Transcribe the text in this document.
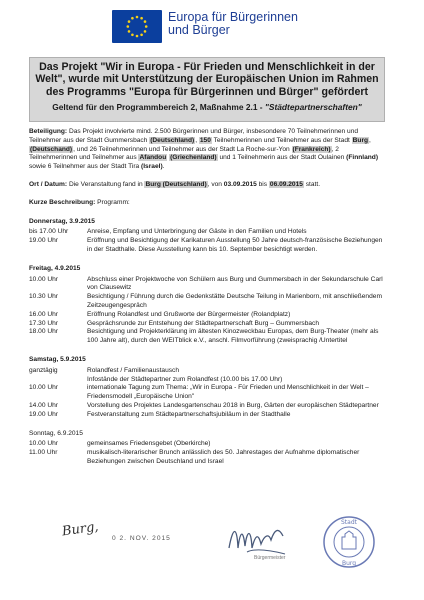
Europa für Bürgerinnen
und Bürger
Das Projekt "Wir in Europa - Für Frieden und Menschlichkeit in der
Welt", wurde mit Unterstützung der Europäischen Union im Rahmen
des Programms "Europa für Bürgerinnen und Bürger" gefördert
Geltend für den Programmbereich 2, Maßnahme 2.1 - "Städtepartnerschaften"

Beteiligung: Das Projekt involvierte mind. 2.500 Bürgerinnen und Bürger, insbesondere 70 Teilnehmerinnen und Teilnehmer aus der Stadt Gummersbach (Deutschland), 150 Teilnehmerinnen und Teilnehmer aus der Stadt Burg, (Deutschand), und 26 Teilnehmerinnen und Teilnehmer aus der Stadt La Roche-sur-Yon (Frankreich), 2 Teilnehmerinnen und Teilnehmer aus Afandou (Griechenland) und 1 Teilnehmerin aus der Stadt Oulainen (Finnland) sowie 6 Teilnehmer aus der Stadt Tira (Israel).

Ort / Datum: Die Veranstaltung fand in Burg (Deutschland), von 03.09.2015 bis 06.09.2015 statt.

Kurze Beschreibung: Programm:

Donnerstag, 3.9.2015
bis 17.00 Uhr	Anreise, Empfang und Unterbringung der Gäste in den Familien und Hotels
19.00 Uhr	Eröffnung und Besichtigung der Karikaturen Ausstellung 50 Jahre deutsch-französische Beziehungen in der Stadthalle. Diese Ausstellung kann bis 10. September besichtigt werden.
Freitag, 4.9.2015
10.00 Uhr	Abschluss einer Projektwoche von Schülern aus Burg und Gummersbach in der Sekundarschule Carl von Clausewitz
10.30 Uhr	Besichtigung / Führung durch die Gedenkstätte Deutsche Teilung in Marienborn, mit anschließendem Zeitzeugengespräch
16.00 Uhr	Eröffnung Rolandfest und Grußworte der Bürgermeister (Rolandplatz)
17.30 Uhr	Gesprächsrunde zur Entstehung der Städtepartnerschaft Burg – Gummersbach
18.00 Uhr	Besichtigung und Projekterklärung im ältesten Kinozweckbau Europas, dem Burg-Theater (mehr als 100 Jahre alt), durch den WEITblick e.V., anschl. Filmvorführung (zweisprachig /Untertitel
Samstag, 5.9.2015
ganztägig	Rolandfest / Familienaustausch
Infostände der Städtepartner zum Rolandfest (10.00 bis 17.00 Uhr)
10.00 Uhr	internationale Tagung zum Thema: „Wir in Europa - Für Frieden und Menschlichkeit in der Welt – Friedensmodell „Europäische Union"
14.00 Uhr	Vorstellung des Projektes Landesgartenschau 2018 in Burg, Gärten der europäischen Städtepartner
19.00 Uhr	Festveranstaltung zum Städtepartnerschaftsjubiläum in der Stadthalle
Sonntag, 6.9.2015
10.00 Uhr	gemeinsames Friedensgebet (Oberkirche)
11.00 Uhr	musikalisch-literarischer Brunch anlässlich des 50. Jahrestages der Aufnahme diplomatischer Beziehungen zwischen Deutschland und Israel
Burg, 0 2. NOV. 2015
Bürgermeister
Stadt
Burg
